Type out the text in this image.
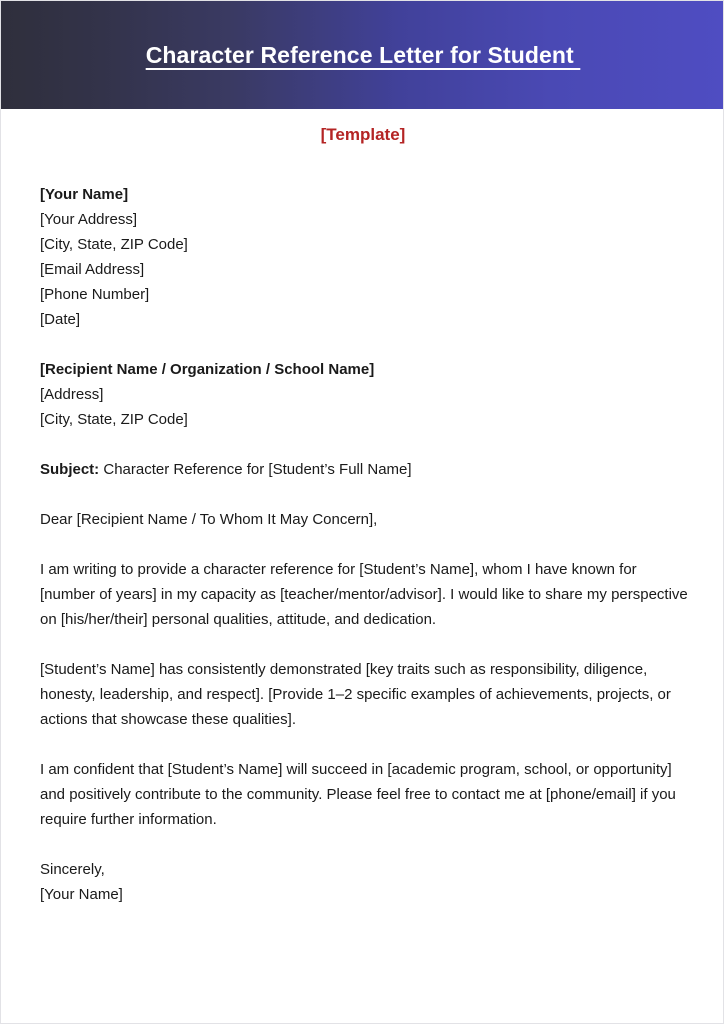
Character Reference Letter for Student
[Template]
[Your Name]
[Your Address]
[City, State, ZIP Code]
[Email Address]
[Phone Number]
[Date]
[Recipient Name / Organization / School Name]
[Address]
[City, State, ZIP Code]
Subject: Character Reference for [Student’s Full Name]
Dear [Recipient Name / To Whom It May Concern],
I am writing to provide a character reference for [Student’s Name], whom I have known for [number of years] in my capacity as [teacher/mentor/advisor]. I would like to share my perspective on [his/her/their] personal qualities, attitude, and dedication.
[Student’s Name] has consistently demonstrated [key traits such as responsibility, diligence, honesty, leadership, and respect]. [Provide 1–2 specific examples of achievements, projects, or actions that showcase these qualities].
I am confident that [Student’s Name] will succeed in [academic program, school, or opportunity] and positively contribute to the community. Please feel free to contact me at [phone/email] if you require further information.
Sincerely,
[Your Name]
